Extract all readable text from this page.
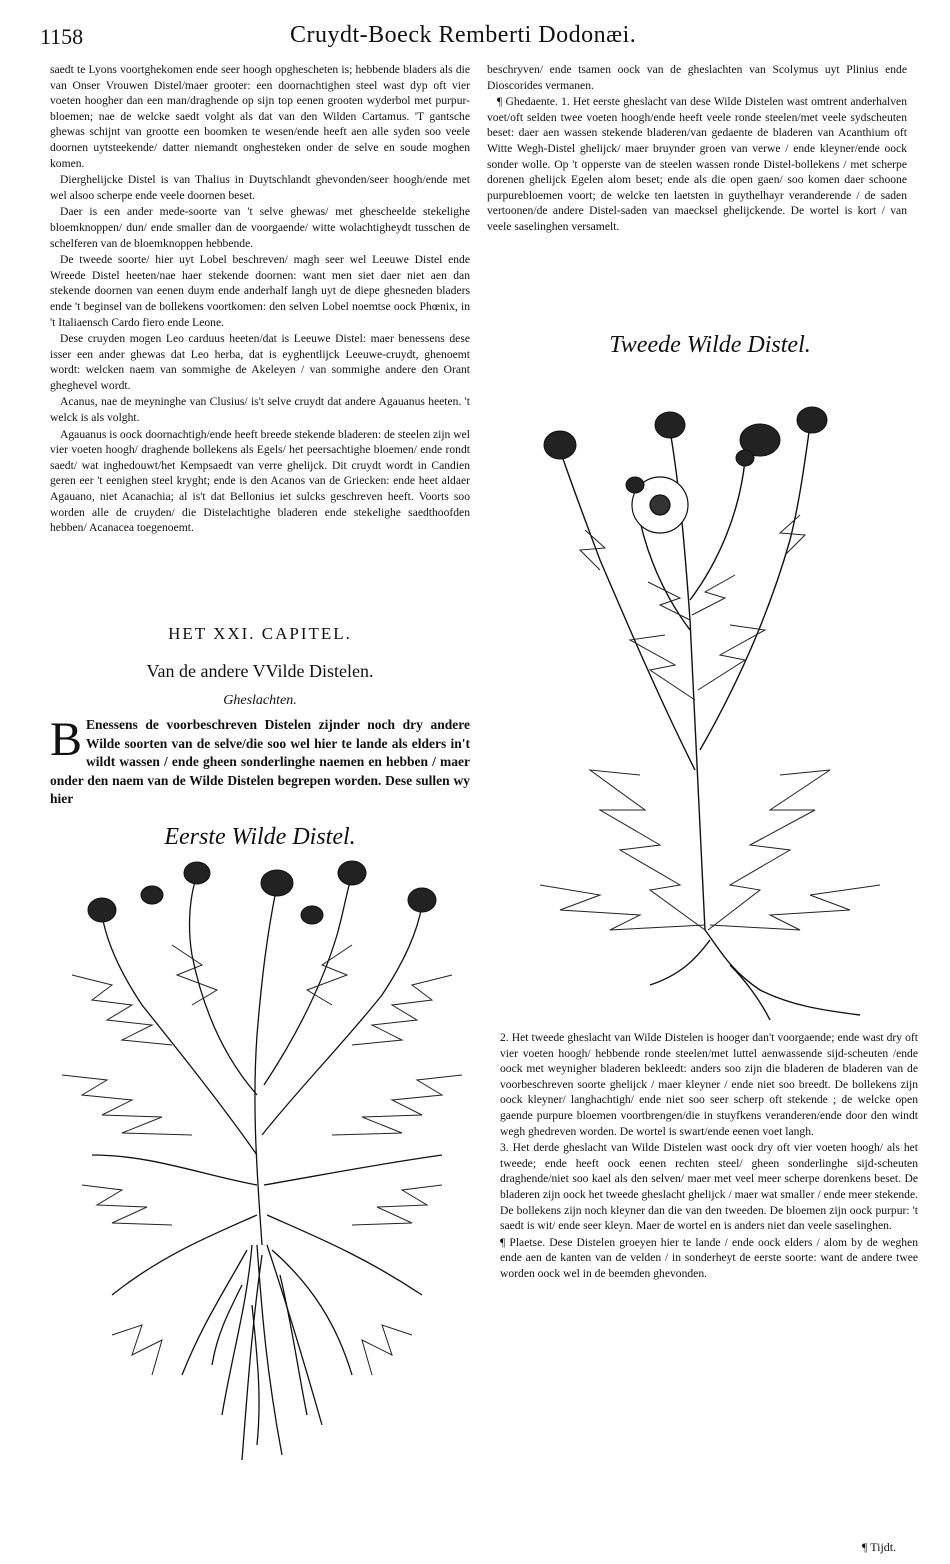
1158	Cruydt-Boeck Remberti Dodonæi.

saedt te Lyons voortghekomen ende seer hoogh opghescheten is; hebbende bladers als die van Onser Vrouwen Distel/maer grooter: een doornachtighen steel wast dyp oft vier voeten hoogher dan een man/draghende op sijn top eenen grooten wyderbol met purpur-bloemen; nae de welcke saedt volght als dat van den Wilden Cartamus. 'T gantsche ghewas schijnt van grootte een boomken te wesen/ende heeft aen alle syden soo veele doornen uytsteekende/ datter niemandt onghesteken onder de selve en soude moghen komen.

Dierghelijcke Distel is van Thalius in Duytschlandt ghevonden/seer hoogh/ende met wel alsoo scherpe ende veele doornen beset.

Daer is een ander mede-soorte van 't selve ghewas/ met ghescheelde stekelighe bloemknoppen/ dun/ ende smaller dan de voorgaende/ witte wolachtigheydt tusschen de schelferen van de bloemknoppen hebbende.

De tweede soorte/ hier uyt Lobel beschreven/ magh seer wel Leeuwe Distel ende Wreede Distel heeten/nae haer stekende doornen: want men siet daer niet aen dan stekende doornen van eenen duym ende anderhalf langh uyt de diepe ghesneden bladers ende 't beginsel van de bollekens voortkomen: den selven Lobel noemtse oock Phœnix, in 't Italiaensch Cardo fiero ende Leone.

Dese cruyden mogen Leo carduus heeten/dat is Leeuwe Distel: maer benessens dese isser een ander ghewas dat Leo herba, dat is eyghentlijck Leeuwe-cruydt, ghenoemt wordt: welcken naem van sommighe de Akeleyen / van sommighe andere den Orant gheghevel wordt.

Acanus, nae de meyninghe van Clusius/ is't selve cruydt dat andere Agauanus heeten. 't welck is als volght.

Agauanus is oock doornachtigh/ende heeft breede stekende bladeren: de steelen zijn wel vier voeten hoogh/ draghende bollekens als Egels/ het peersachtighe bloemen/ ende rondt saedt/ wat inghedouwt/het Kempsaedt van verre ghelijck. Dit cruydt wordt in Candien geren eer 't eenighen steel kryght; ende is den Acanos van de Griecken: ende heet aldaer Agauano, niet Acanachia; al is't dat Bellonius iet sulcks geschreven heeft. Voorts soo worden alle de cruyden/ die Distelachtighe bladeren ende stekelighe saedthoofden hebben/ Acanacea toegenoemt.

HET XXI. CAPITEL.
Van de andere VVilde Distelen.
Gheslachten.
B Enessens de voorbeschreven Distelen zijnder noch dry andere Wilde soorten van de selve/die soo wel hier te lande als elders in't wildt wassen / ende gheen sonderlinghe naemen en hebben / maer onder den naem van de Wilde Distelen begrepen worden. Dese sullen wy hier
Eerste Wilde Distel.

beschryven/ ende tsamen oock van de gheslachten van Scolymus uyt Plinius ende Dioscorides vermanen.

¶ Ghedaente. 1. Het eerste gheslacht van dese Wilde Distelen wast omtrent anderhalven voet/oft selden twee voeten hoogh/ende heeft veele ronde steelen/met veele sydscheuten beset: daer aen wassen stekende bladeren/van gedaente de bladeren van Acanthium oft Witte Wegh-Distel ghelijck/ maer bruynder groen van verwe / ende kleyner/ende oock sonder wolle. Op 't opperste van de steelen wassen ronde Distel-bollekens / met scherpe dorenen ghelijck Egelen alom beset; ende als die open gaen/ soo komen daer schoone purpurebloemen voort; de welcke ten laetsten in guythelhayr veranderende / de saden vertoonen/de andere Distel-saden van maecksel ghelijckende. De wortel is kort / van veele saselinghen versamelt.

Tweede Wilde Distel.

2. Het tweede gheslacht van Wilde Distelen is hooger dan't voorgaende; ende wast dry oft vier voeten hoogh/ hebbende ronde steelen/met luttel aenwassende sijd-scheuten /ende oock met weynigher bladeren bekleedt: anders soo zijn die bladeren de bladeren van de voorbeschreven soorte ghelijck / maer kleyner / ende niet soo breedt. De bollekens zijn oock kleyner/ langhachtigh/ ende niet soo seer scherp oft stekende ; de welcke open gaende purpure bloemen voortbrengen/die in stuyfkens veranderen/ende door den windt wegh ghedreven worden. De wortel is swart/ende eenen voet langh.

3. Het derde gheslacht van Wilde Distelen wast oock dry oft vier voeten hoogh/ als het tweede; ende heeft oock eenen rechten steel/ gheen sonderlinghe sijd-scheuten draghende/niet soo kael als den selven/ maer met veel meer scherpe dorenkens beset. De bladeren zijn oock het tweede gheslacht ghelijck / maer wat smaller / ende meer stekende. De bollekens zijn noch kleyner dan die van den tweeden. De bloemen zijn oock purpur: 't saedt is wit/ ende seer kleyn. Maer de wortel en is anders niet dan veele saselinghen.

¶ Plaetse. Dese Distelen groeyen hier te lande / ende oock elders / alom by de weghen ende aen de kanten van de velden / in sonderheyt de eerste soorte: want de andere twee worden oock wel in de beemden ghevonden.

¶ Tijdt.
